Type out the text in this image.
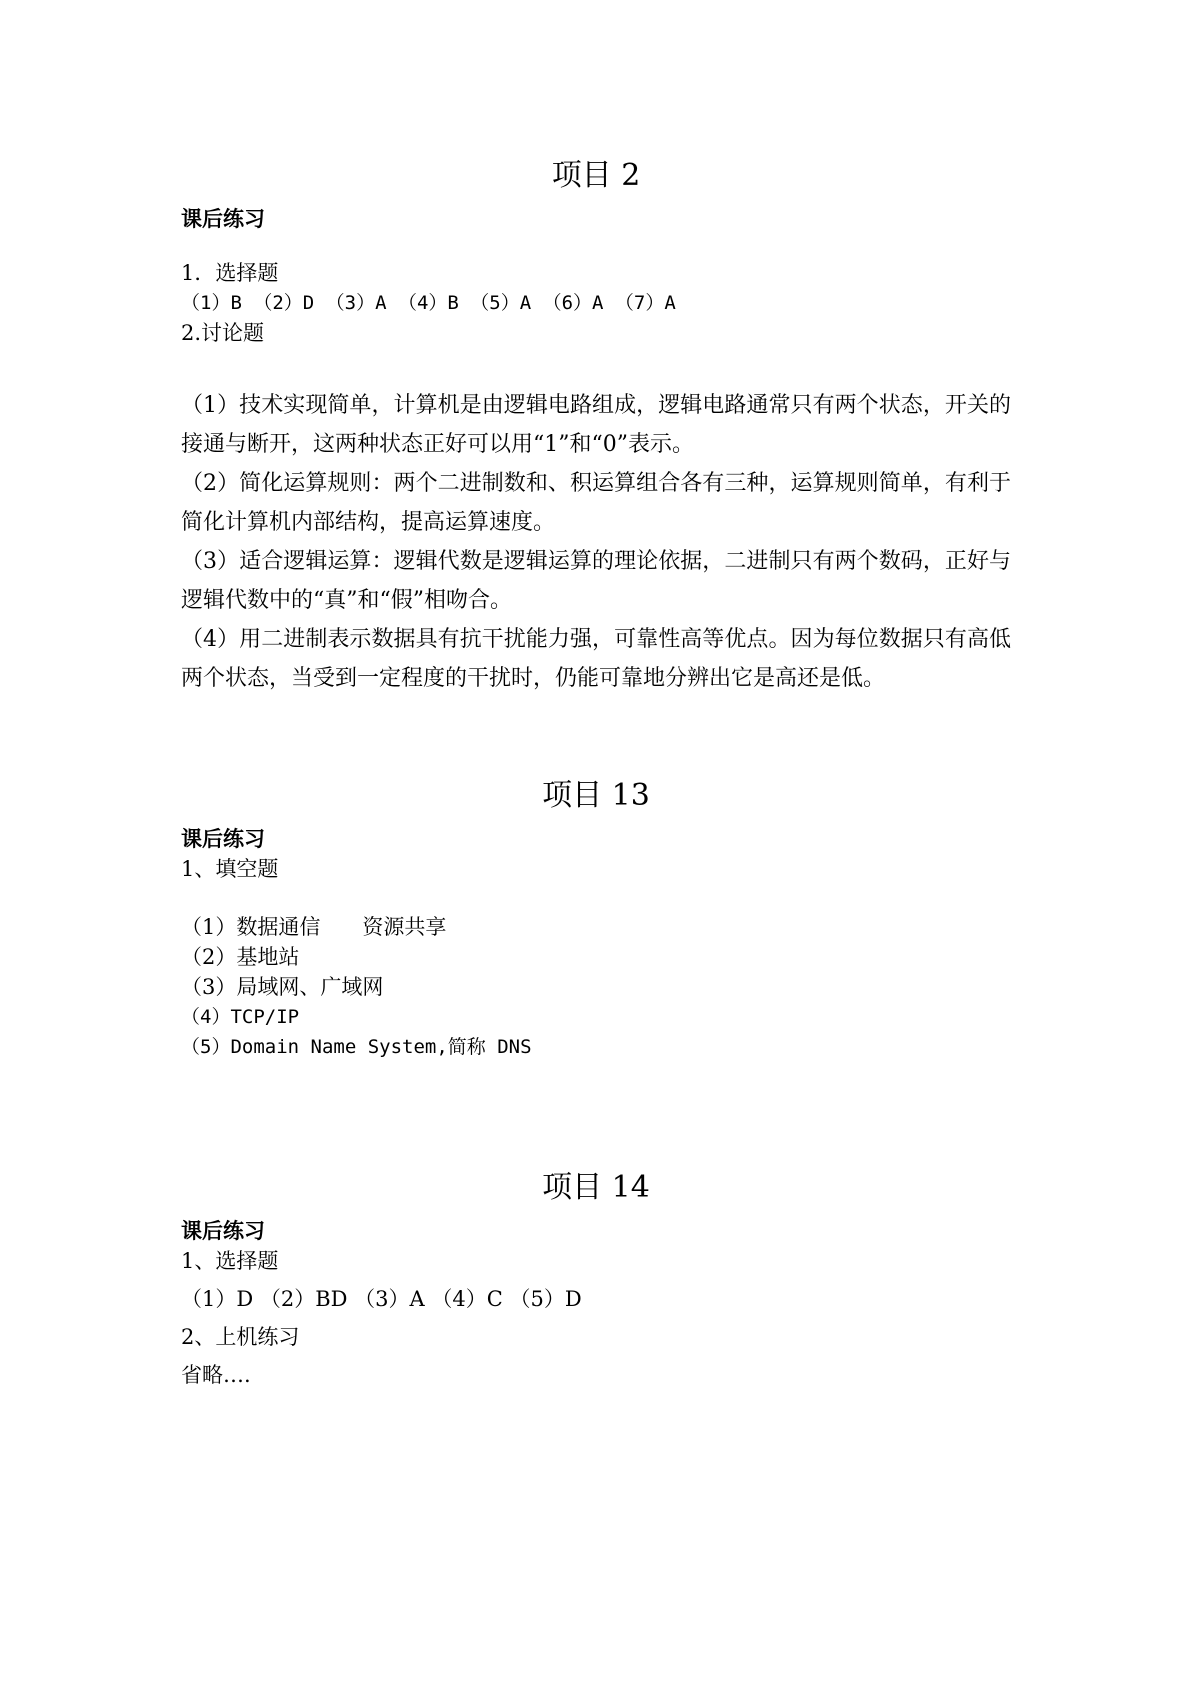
项目 2

课后练习

1．选择题

（1）B （2）D （3）A （4）B （5）A （6）A （7）A

2.讨论题

（1）技术实现简单，计算机是由逻辑电路组成，逻辑电路通常只有两个状态，开关的接通与断开，这两种状态正好可以用“1”和“0”表示。

（2）简化运算规则：两个二进制数和、积运算组合各有三种，运算规则简单，有利于简化计算机内部结构，提高运算速度。

（3）适合逻辑运算：逻辑代数是逻辑运算的理论依据，二进制只有两个数码，正好与逻辑代数中的“真”和“假”相吻合。

（4）用二进制表示数据具有抗干扰能力强，可靠性高等优点。因为每位数据只有高低两个状态，当受到一定程度的干扰时，仍能可靠地分辨出它是高还是低。

项目 13

课后练习

1、填空题

（1）数据通信　　资源共享

（2）基地站

（3）局域网、广域网

（4）TCP/IP

（5）Domain Name System,简称 DNS

项目 14

课后练习

1、选择题

（1）D （2）BD （3）A （4）C （5）D

2、上机练习

省略….
